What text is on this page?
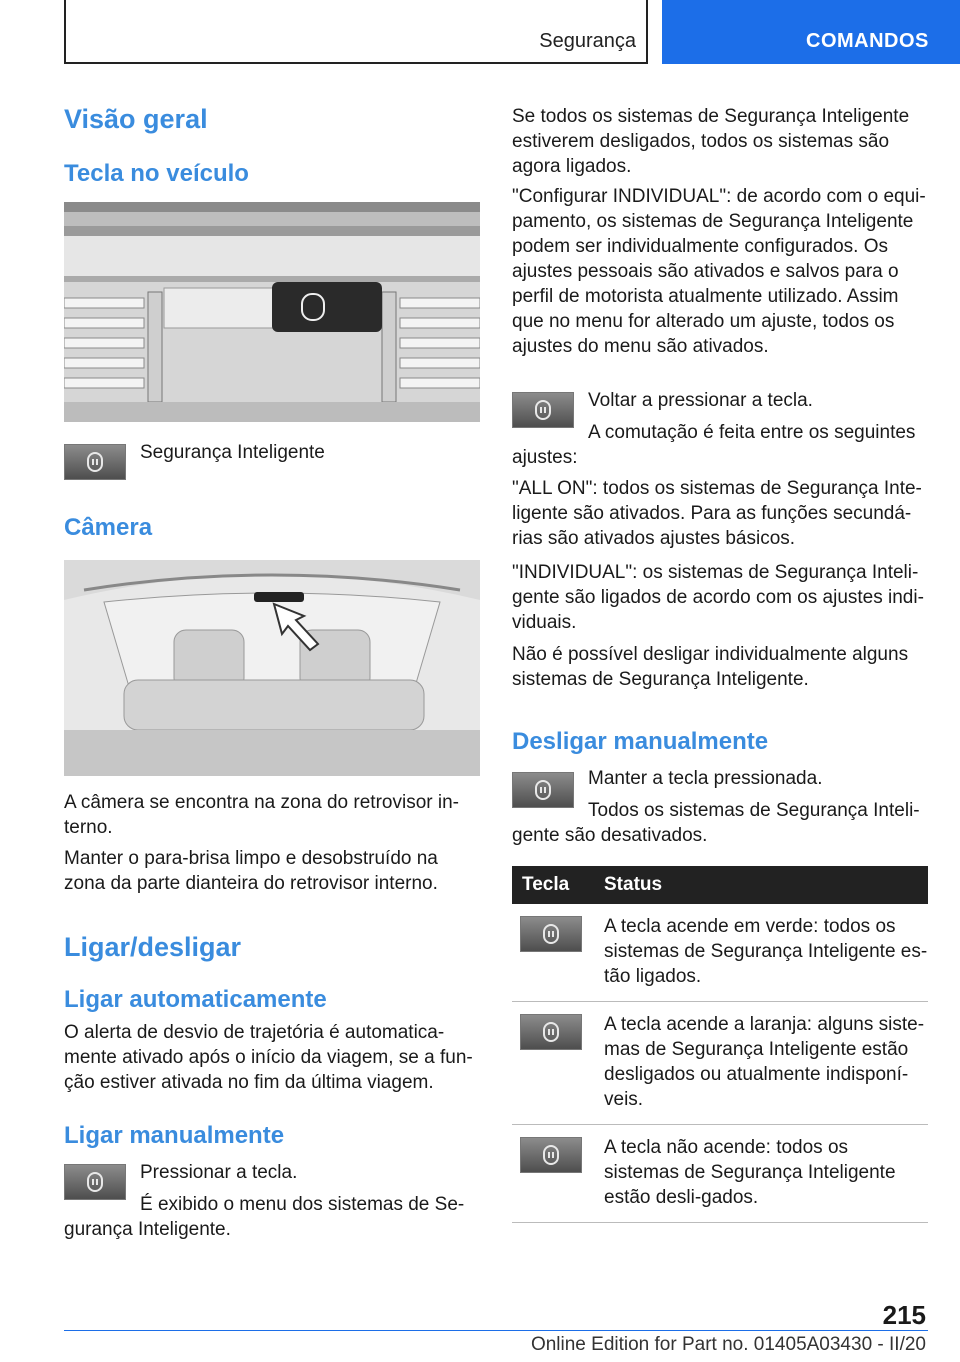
Segurança	COMANDOS
Visão geral
Tecla no veículo

Segurança Inteligente

Câmera

A câmera se encontra na zona do retrovisor in-terno.

Manter o para-brisa limpo e desobstruído na zona da parte dianteira do retrovisor interno.

Ligar/desligar
Ligar automaticamente

O alerta de desvio de trajetória é automatica-mente ativado após o início da viagem, se a fun-ção estiver ativada no fim da última viagem.

Ligar manualmente

Pressionar a tecla.

É exibido o menu dos sistemas de Se-gurança Inteligente.

Se todos os sistemas de Segurança Inteligente estiverem desligados, todos os sistemas são agora ligados.

"Configurar INDIVIDUAL": de acordo com o equi-pamento, os sistemas de Segurança Inteligente podem ser individualmente configurados. Os ajustes pessoais são ativados e salvos para o perfil de motorista atualmente utilizado. Assim que no menu for alterado um ajuste, todos os ajustes do menu são ativados.

Voltar a pressionar a tecla.

A comutação é feita entre os seguintes ajustes:

"ALL ON": todos os sistemas de Segurança Inte-ligente são ativados. Para as funções secundá-rias são ativados ajustes básicos.

"INDIVIDUAL": os sistemas de Segurança Inteli-gente são ligados de acordo com os ajustes indi-viduais.

Não é possível desligar individualmente alguns sistemas de Segurança Inteligente.

Desligar manualmente

Manter a tecla pressionada.

Todos os sistemas de Segurança Inteli-gente são desativados.

Tecla	Status

	A tecla acende em verde: todos os sistemas de Segurança Inteligente es-tão ligados.

	A tecla acende a laranja: alguns siste-mas de Segurança Inteligente estão desligados ou atualmente indisponí-veis.

	A tecla não acende: todos os sistemas de Segurança Inteligente estão desli-gados.
215
Online Edition for Part no. 01405A03430 - II/20
